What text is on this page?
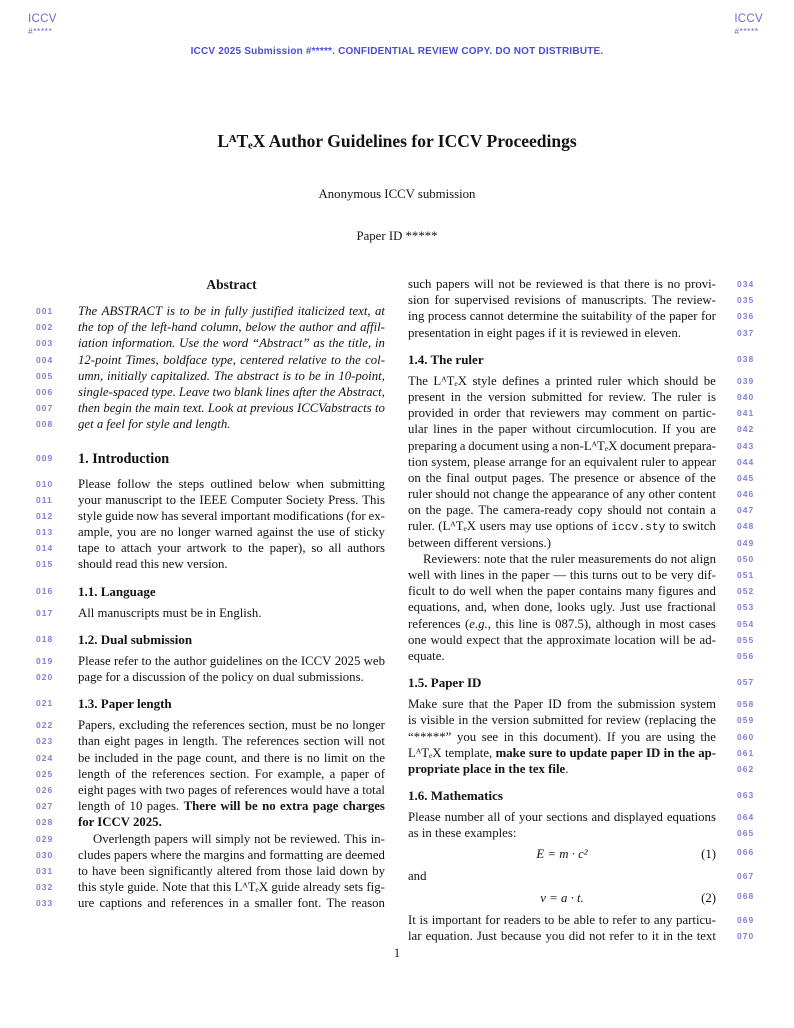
ICCV
#*****
ICCV
#*****
ICCV 2025 Submission #*****. CONFIDENTIAL REVIEW COPY. DO NOT DISTRIBUTE.
LᴬTₑX Author Guidelines for ICCV Proceedings
Anonymous ICCV submission
Paper ID *****
Abstract
001 The ABSTRACT is to be in fully justified italicized text, at
002 the top of the left-hand column, below the author and affil-
003 iation information. Use the word “Abstract” as the title, in
004 12-point Times, boldface type, centered relative to the col-
005 umn, initially capitalized. The abstract is to be in 10-point,
006 single-spaced type. Leave two blank lines after the Abstract,
007 then begin the main text. Look at previous ICCVabstracts to
008 get a feel for style and length.
009 1. Introduction
010 Please follow the steps outlined below when submitting
011 your manuscript to the IEEE Computer Society Press. This
012 style guide now has several important modifications (for ex-
013 ample, you are no longer warned against the use of sticky
014 tape to attach your artwork to the paper), so all authors
015 should read this new version.
016 1.1. Language
017 All manuscripts must be in English.
018 1.2. Dual submission
019 Please refer to the author guidelines on the ICCV 2025 web
020 page for a discussion of the policy on dual submissions.
021 1.3. Paper length
022 Papers, excluding the references section, must be no longer
023 than eight pages in length. The references section will not
024 be included in the page count, and there is no limit on the
025 length of the references section. For example, a paper of
026 eight pages with two pages of references would have a total
027 length of 10 pages. There will be no extra page charges
028 for ICCV 2025.
029	Overlength papers will simply not be reviewed. This in-
030 cludes papers where the margins and formatting are deemed
031 to have been significantly altered from those laid down by
032 this style guide. Note that this LᴬTₑX guide already sets fig-
033 ure captions and references in a smaller font. The reason
034
such papers will not be reviewed is that there is no provi-
035
sion for supervised revisions of manuscripts. The review-
036
ing process cannot determine the suitability of the paper for
037
presentation in eight pages if it is reviewed in eleven.
038
1.4. The ruler
039
The LᴬTₑX style defines a printed ruler which should be
040
present in the version submitted for review. The ruler is
041
provided in order that reviewers may comment on partic-
042
ular lines in the paper without circumlocution. If you are
043
preparing a document using a non-LᴬTₑX document prepara-
044
tion system, please arrange for an equivalent ruler to appear
045
on the final output pages. The presence or absence of the
046
ruler should not change the appearance of any other content
047
on the page. The camera-ready copy should not contain a
048
ruler. (LᴬTₑX users may use options of iccv.sty to switch
049
between different versions.)
050
Reviewers: note that the ruler measurements do not align
051
well with lines in the paper — this turns out to be very dif-
052
ficult to do well when the paper contains many figures and
053
equations, and, when done, looks ugly. Just use fractional
054
references (e.g., this line is 087.5), although in most cases
055
one would expect that the approximate location will be ad-
056
equate.
057
1.5. Paper ID
058
Make sure that the Paper ID from the submission system
059
is visible in the version submitted for review (replacing the
060
“*****” you see in this document). If you are using the
061
LᴬTₑX template, make sure to update paper ID in the ap-
062
propriate place in the tex file.
063
1.6. Mathematics
064
Please number all of your sections and displayed equations
065
as in these examples:
066
E = m · c²	(1)
067
and
068
v = a · t.	(2)
069
It is important for readers to be able to refer to any particu-
070
lar equation. Just because you did not refer to it in the text
1
